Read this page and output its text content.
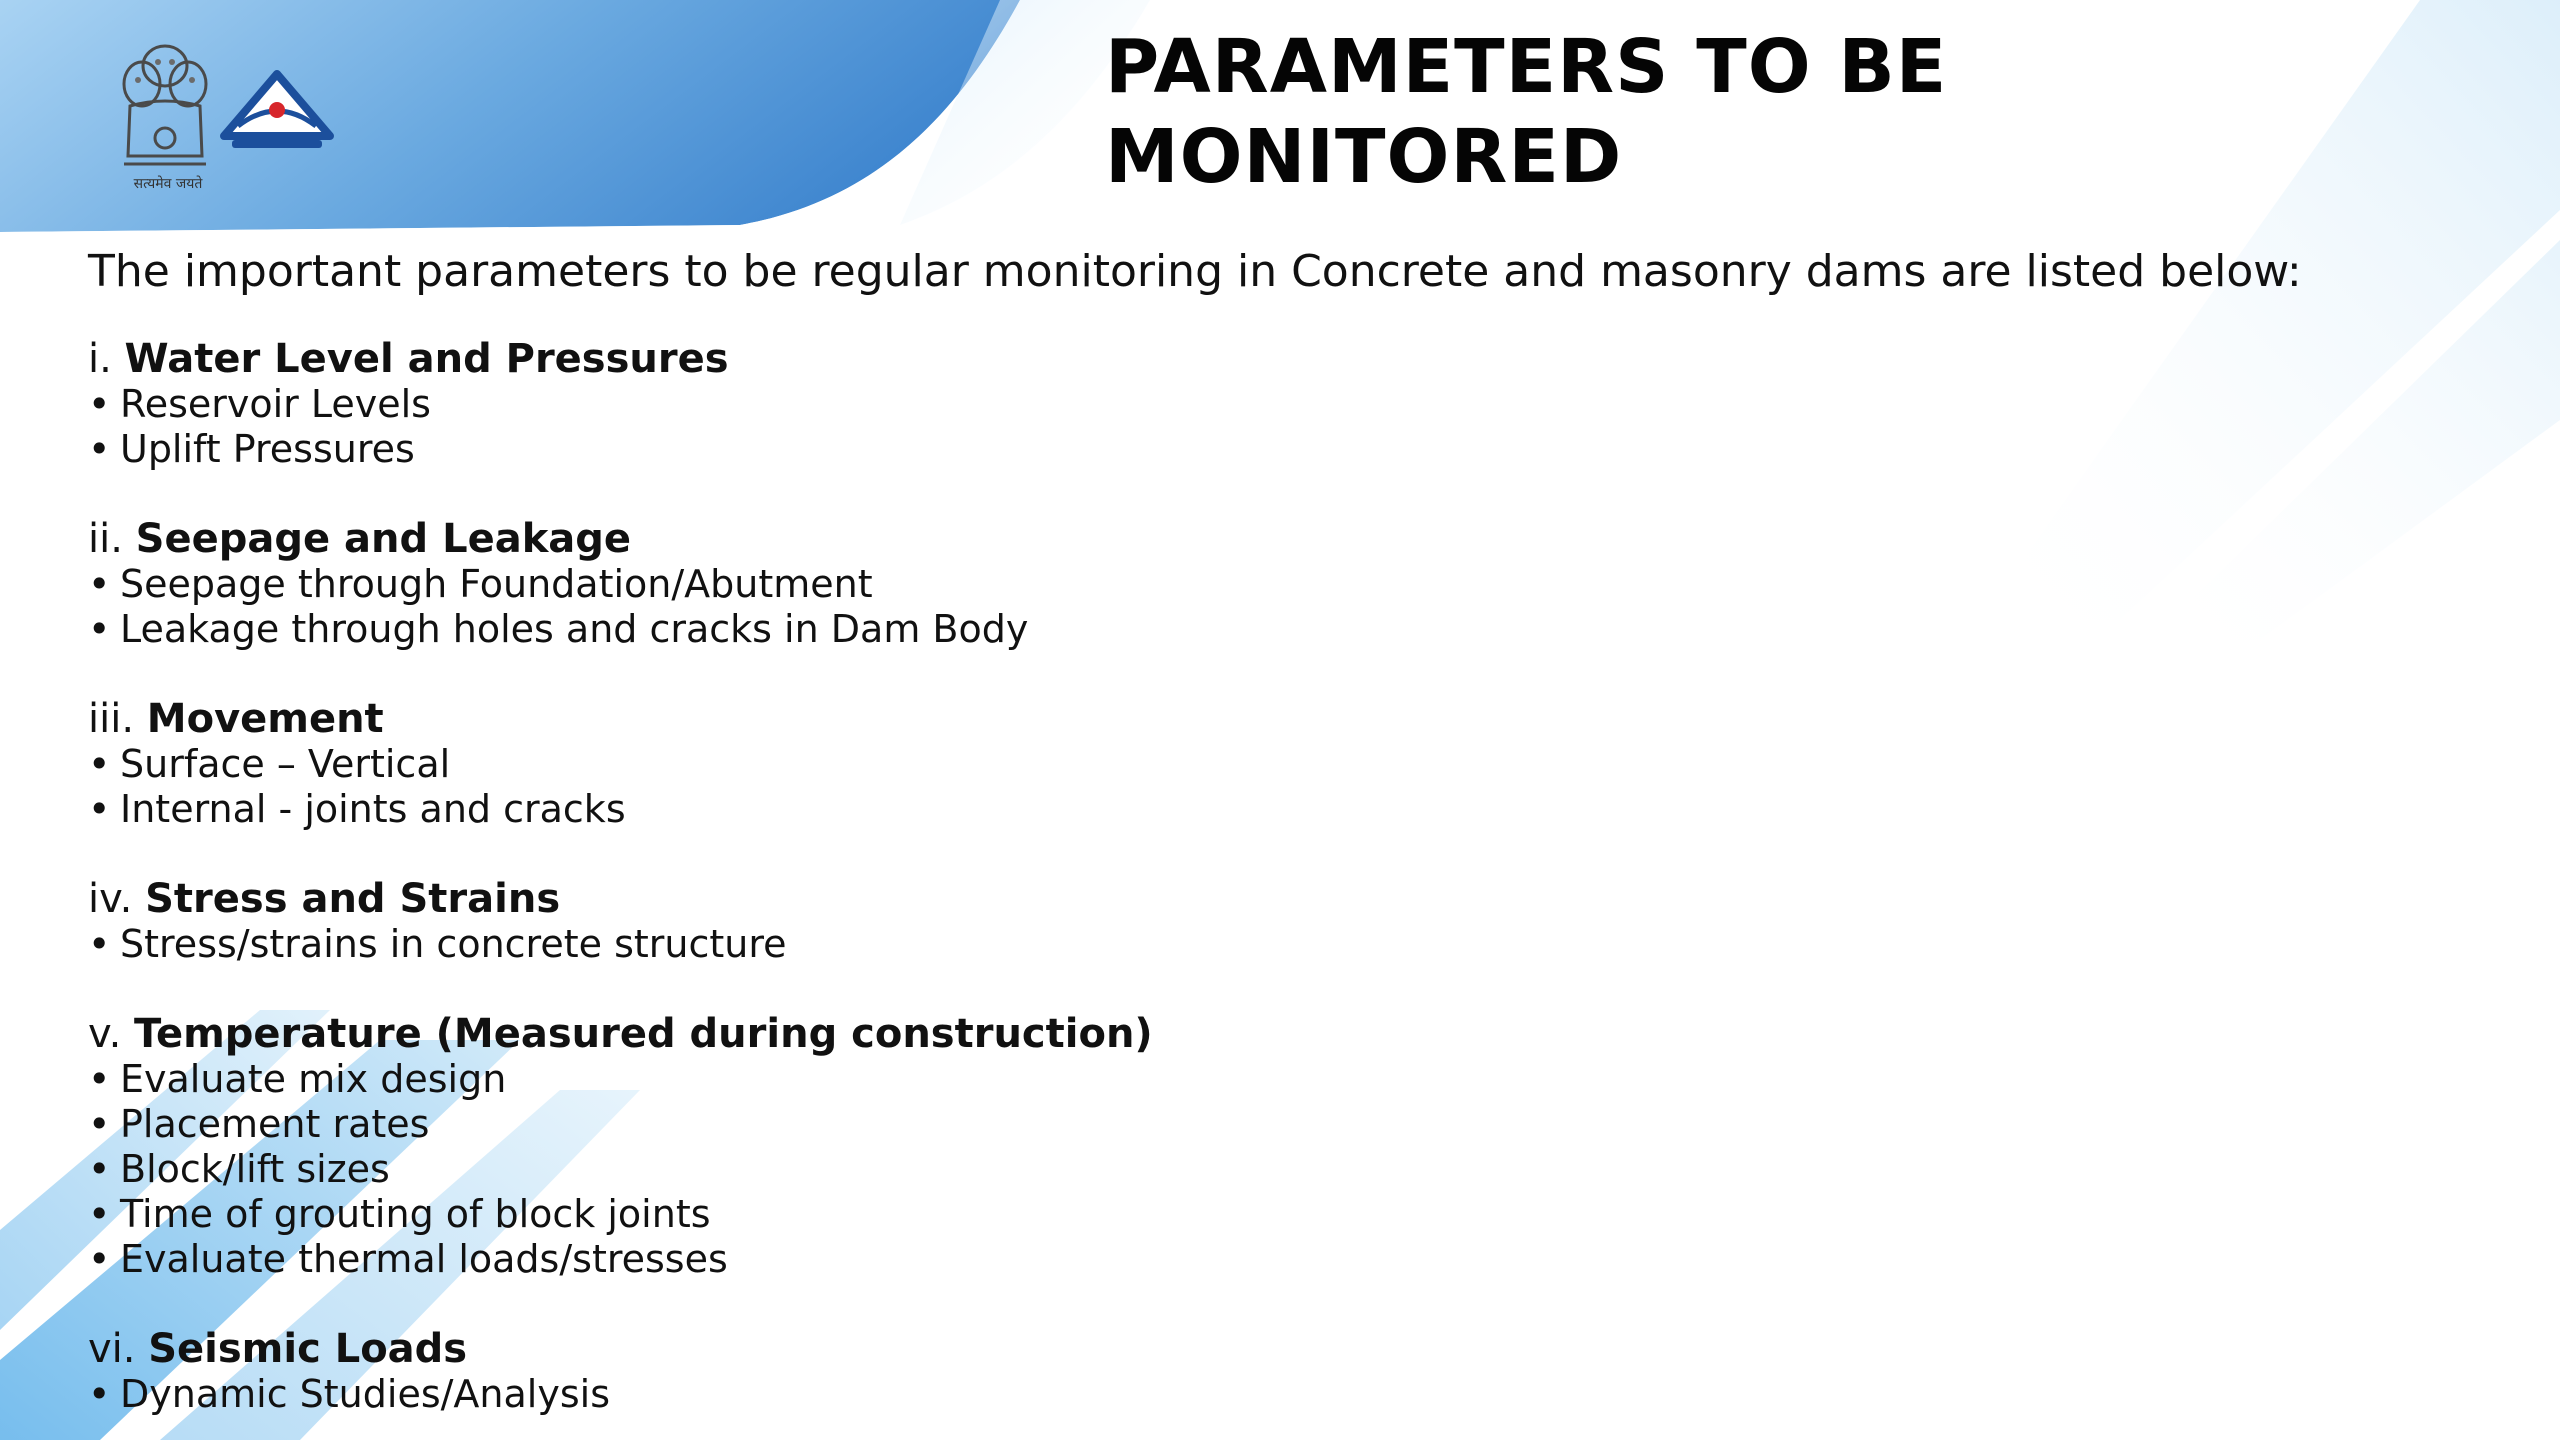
सत्यमेव जयते
PARAMETERS TO BE
MONITORED

The important parameters to be regular monitoring in Concrete and masonry dams are listed below:

i. Water Level and Pressures

• Reservoir Levels

• Uplift Pressures

ii. Seepage and Leakage

• Seepage through Foundation/Abutment

• Leakage through holes and cracks in Dam Body

iii. Movement

• Surface – Vertical

• Internal - joints and cracks

iv. Stress and Strains

• Stress/strains in concrete structure

v. Temperature (Measured during construction)

• Evaluate mix design

• Placement rates

• Block/lift sizes

• Time of grouting of block joints

• Evaluate thermal loads/stresses

vi. Seismic Loads

• Dynamic Studies/Analysis
